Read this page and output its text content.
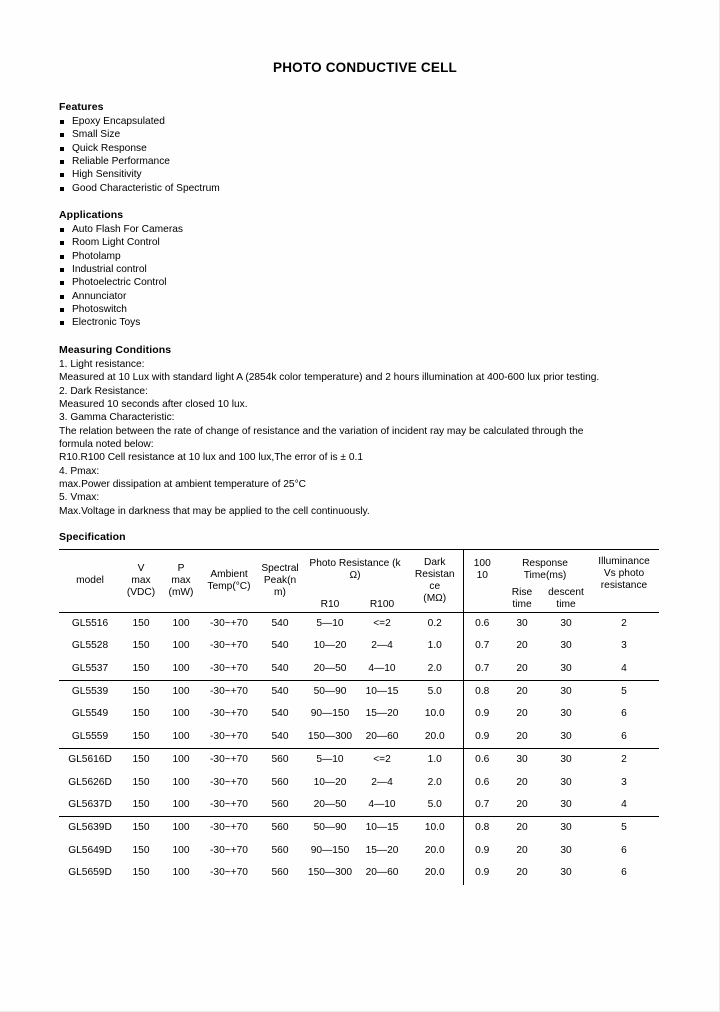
PHOTO CONDUCTIVE CELL
Features
Epoxy Encapsulated
Small Size
Quick Response
Reliable Performance
High Sensitivity
Good Characteristic of Spectrum
Applications
Auto Flash For Cameras
Room Light Control
Photolamp
Industrial control
Photoelectric Control
Annunciator
Photoswitch
Electronic Toys
Measuring Conditions
1. Light resistance:
Measured at 10 Lux with standard light A (2854k color temperature) and 2 hours illumination at 400-600 lux prior testing.
2. Dark Resistance:
Measured 10 seconds after closed 10 lux.
3. Gamma Characteristic:
The relation between the rate of change of resistance and the variation of incident ray may be calculated through the
formula noted below:
R10.R100 Cell resistance at 10 lux and 100 lux,The error of is ± 0.1
4. Pmax:
max.Power dissipation at ambient temperature of 25°C
5. Vmax:
Max.Voltage in darkness that may be applied to the cell continuously.
Specification
model	
V
max
(VDC)

P
max
(mW)

Ambient
Temp(°C)

Spectral
Peak(n
m)

Photo Resistance (k
Ω)
R10	R100

Dark
Resistan
ce
(MΩ)

100
10

Response
Time(ms)
Rise
time
descent
time

Illuminance
Vs photo
resistance

GL5516	150	100	-30~+70	540	5—10	<=2	0.2	0.6	30	30	2
GL5528	150	100	-30~+70	540	10—20	2—4	1.0	0.7	20	30	3
GL5537	150	100	-30~+70	540	20—50	4—10	2.0	0.7	20	30	4
GL5539	150	100	-30~+70	540	50—90	10—15	5.0	0.8	20	30	5
GL5549	150	100	-30~+70	540	90—150	15—20	10.0	0.9	20	30	6
GL5559	150	100	-30~+70	540	150—300	20—60	20.0	0.9	20	30	6
GL5616D	150	100	-30~+70	560	5—10	<=2	1.0	0.6	30	30	2
GL5626D	150	100	-30~+70	560	10—20	2—4	2.0	0.6	20	30	3
GL5637D	150	100	-30~+70	560	20—50	4—10	5.0	0.7	20	30	4
GL5639D	150	100	-30~+70	560	50—90	10—15	10.0	0.8	20	30	5
GL5649D	150	100	-30~+70	560	90—150	15—20	20.0	0.9	20	30	6
GL5659D	150	100	-30~+70	560	150—300	20—60	20.0	0.9	20	30	6
